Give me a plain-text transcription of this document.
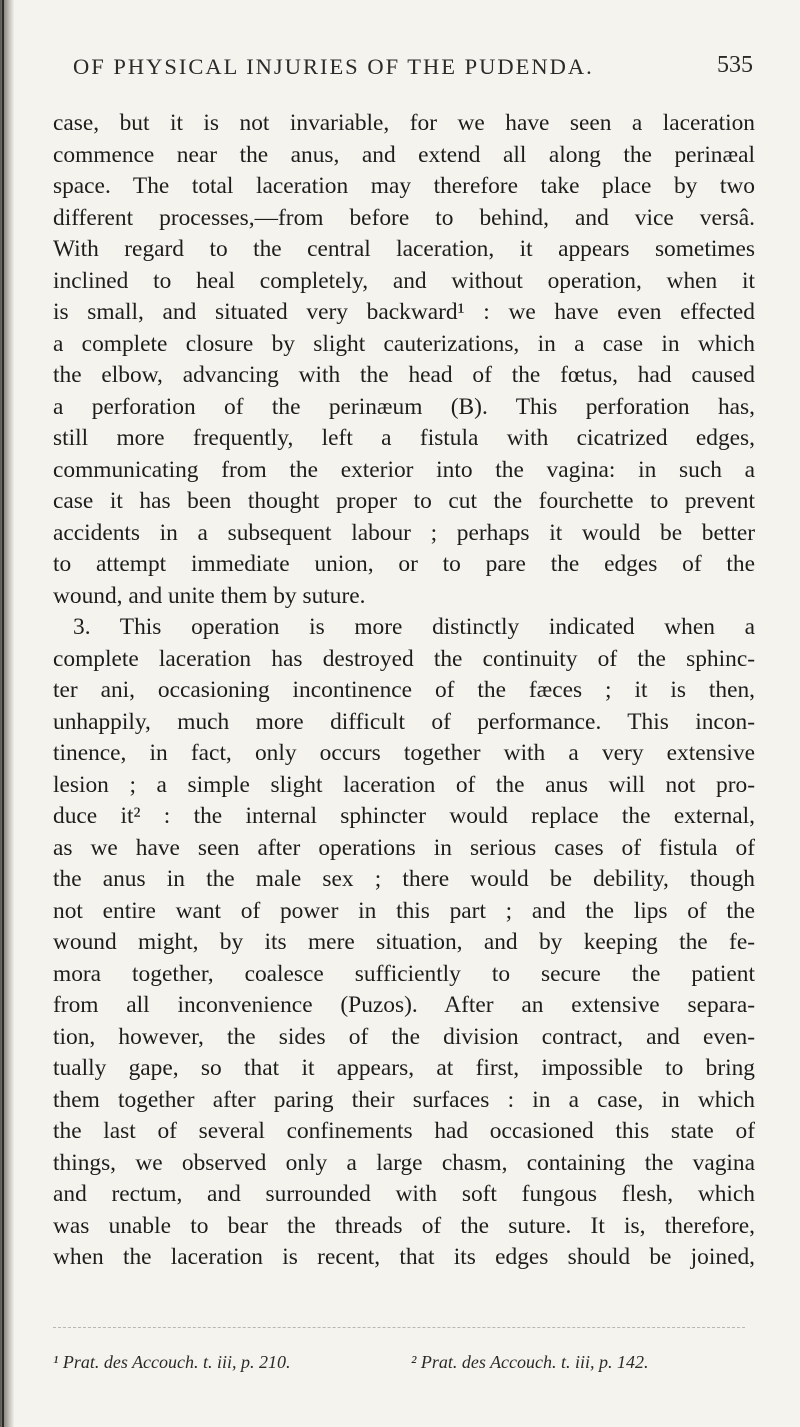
OF PHYSICAL INJURIES OF THE PUDENDA.	535
case, but it is not invariable, for we have seen a laceration
commence near the anus, and extend all along the perinæal
space. The total laceration may therefore take place by two
different processes,—from before to behind, and vice versâ.
With regard to the central laceration, it appears sometimes
inclined to heal completely, and without operation, when it
is small, and situated very backward¹ : we have even effected
a complete closure by slight cauterizations, in a case in which
the elbow, advancing with the head of the fœtus, had caused
a perforation of the perinæum (B). This perforation has,
still more frequently, left a fistula with cicatrized edges,
communicating from the exterior into the vagina: in such a
case it has been thought proper to cut the fourchette to prevent
accidents in a subsequent labour ; perhaps it would be better
to attempt immediate union, or to pare the edges of the
wound, and unite them by suture.
3. This operation is more distinctly indicated when a
complete laceration has destroyed the continuity of the sphinc-
ter ani, occasioning incontinence of the fæces ; it is then,
unhappily, much more difficult of performance. This incon-
tinence, in fact, only occurs together with a very extensive
lesion ; a simple slight laceration of the anus will not pro-
duce it² : the internal sphincter would replace the external,
as we have seen after operations in serious cases of fistula of
the anus in the male sex ; there would be debility, though
not entire want of power in this part ; and the lips of the
wound might, by its mere situation, and by keeping the fe-
mora together, coalesce sufficiently to secure the patient
from all inconvenience (Puzos). After an extensive separa-
tion, however, the sides of the division contract, and even-
tually gape, so that it appears, at first, impossible to bring
them together after paring their surfaces : in a case, in which
the last of several confinements had occasioned this state of
things, we observed only a large chasm, containing the vagina
and rectum, and surrounded with soft fungous flesh, which
was unable to bear the threads of the suture. It is, therefore,
when the laceration is recent, that its edges should be joined,
¹ Prat. des Accouch. t. iii, p. 210.	² Prat. des Accouch. t. iii, p. 142.
